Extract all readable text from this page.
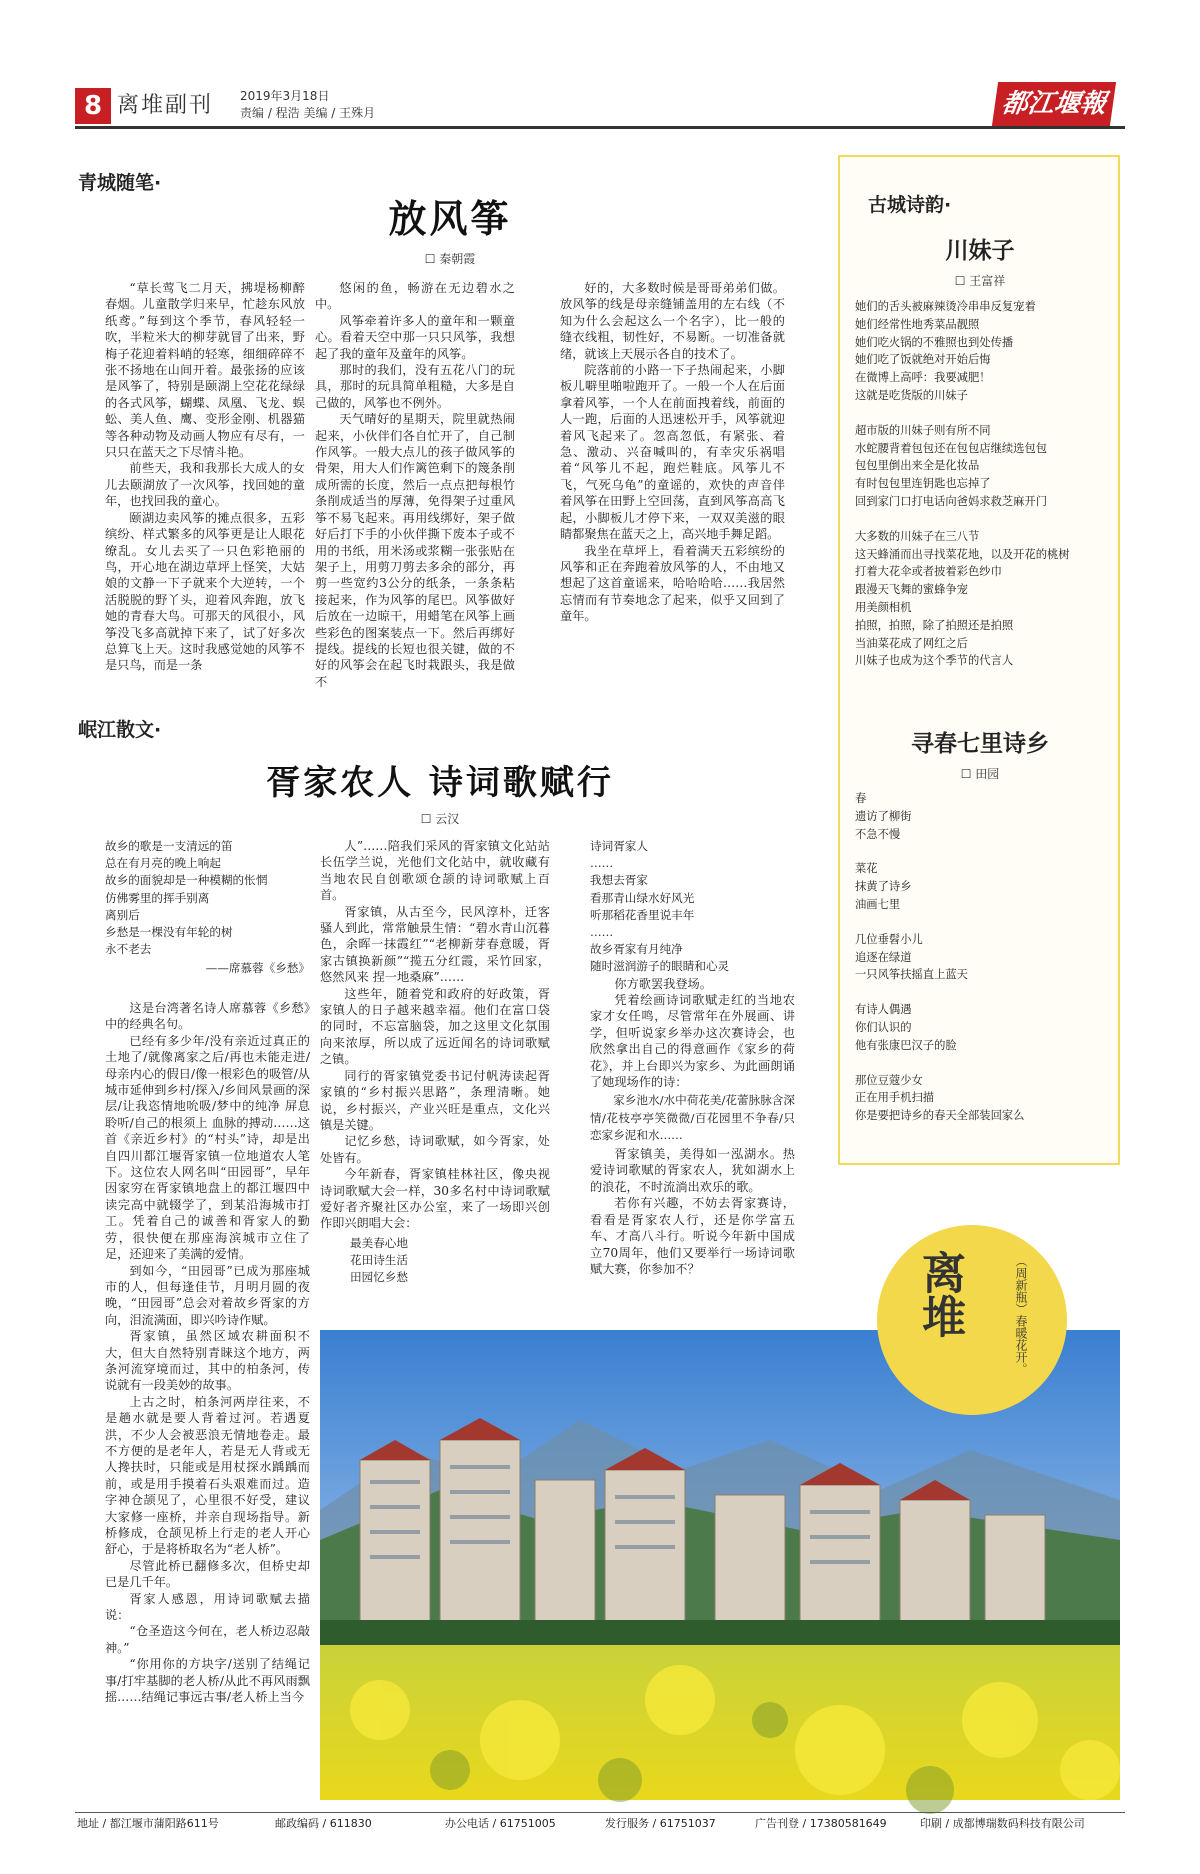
8 离堆副刊 2019年3月18日
责编 / 程浩 美编 / 王殊月	都江堰報
青城随笔·
放风筝
☐ 秦朝霞

“草长莺飞二月天，拂堤杨柳醉春烟。儿童散学归来早，忙趁东风放纸鸢。”每到这个季节，春风轻轻一吹，半粒米大的柳芽就冒了出来，野梅子花迎着料峭的轻寒，细细碎碎不张不扬地在山间开着。最张扬的应该是风筝了，特别是颐湖上空花花绿绿的各式风筝，蝴蝶、凤凰、飞龙、蜈蚣、美人鱼、鹰、变形金刚、机器猫等各种动物及动画人物应有尽有，一只只在蓝天之下尽情斗艳。

前些天，我和我那长大成人的女儿去颐湖放了一次风筝，找回她的童年，也找回我的童心。

颐湖边卖风筝的摊点很多，五彩缤纷、样式繁多的风筝更是让人眼花缭乱。女儿去买了一只色彩艳丽的鸟，开心地在湖边草坪上怪笑，大姑娘的文静一下子就来个大逆转，一个活脱脱的野丫头，迎着风奔跑，放飞她的青春大鸟。可那天的风很小，风筝没飞多高就掉下来了，试了好多次总算飞上天。这时我感觉她的风筝不是只鸟，而是一条

悠闲的鱼，畅游在无边碧水之中。

风筝牵着许多人的童年和一颗童心。看着天空中那一只只风筝，我想起了我的童年及童年的风筝。

那时的我们，没有五花八门的玩具，那时的玩具简单粗糙，大多是自己做的，风筝也不例外。

天气晴好的星期天，院里就热闹起来，小伙伴们各自忙开了，自己制作风筝。一般大点儿的孩子做风筝的骨架，用大人们作篱笆剩下的篾条削成所需的长度，然后一点点把每根竹条削成适当的厚薄，免得架子过重风筝不易飞起来。再用线绑好，架子做好后打下手的小伙伴撕下废本子或不用的书纸，用米汤或浆糊一张张贴在架子上，用剪刀剪去多余的部分，再剪一些宽约3公分的纸条，一条条粘接起来，作为风筝的尾巴。风筝做好后放在一边晾干，用蜡笔在风筝上画些彩色的图案装点一下。然后再绑好提线。提线的长短也很关键，做的不好的风筝会在起飞时栽跟头，我是做不

好的，大多数时候是哥哥弟弟们做。放风筝的线是母亲缝铺盖用的左右线（不知为什么会起这么一个名字），比一般的缝衣线粗，韧性好，不易断。一切准备就绪，就该上天展示各自的技术了。

院落前的小路一下子热闹起来，小脚板儿噼里啪啦跑开了。一般一个人在后面拿着风筝，一个人在前面拽着线，前面的人一跑，后面的人迅速松开手，风筝就迎着风飞起来了。忽高忽低，有紧张、着急、激动、兴奋喊叫的，有幸灾乐祸唱着“风筝儿不起，跑烂鞋底。风筝儿不飞，气死乌龟”的童谣的，欢快的声音伴着风筝在田野上空回荡，直到风筝高高飞起，小脚板儿才停下来，一双双美滋的眼睛都聚焦在蓝天之上，高兴地手舞足蹈。

我坐在草坪上，看着满天五彩缤纷的风筝和正在奔跑着放风筝的人，不由地又想起了这首童谣来，哈哈哈哈……我居然忘情而有节奏地念了起来，似乎又回到了童年。

岷江散文·
胥家农人 诗词歌赋行
☐ 云汉
故乡的歌是一支清远的笛
总在有月亮的晚上响起
故乡的面貌却是一种模糊的怅惘
仿佛雾里的挥手别离
离别后
乡愁是一棵没有年轮的树
永不老去
——席慕蓉《乡愁》

这是台湾著名诗人席慕蓉《乡愁》中的经典名句。

已经有多少年/没有亲近过真正的土地了/就像离家之后/再也未能走进/母亲内心的假日/像一根彩色的吸管/从城市延伸到乡村/探入/乡间风景画的深层/让我恣情地吮吸/梦中的纯净 屏息聆听/自己的根须上 血脉的搏动……这首《亲近乡村》的“村头”诗，却是出自四川都江堰胥家镇一位地道农人笔下。这位农人网名叫“田园哥”，早年因家穷在胥家镇地盘上的都江堰四中读完高中就辍学了，到某沿海城市打工。凭着自己的诚善和胥家人的勤劳，很快便在那座海滨城市立住了足，还迎来了美满的爱情。

到如今，“田园哥”已成为那座城市的人，但每逢佳节，月明月圆的夜晚，“田园哥”总会对着故乡胥家的方向，泪流满面，即兴吟诗作赋。

胥家镇，虽然区域农耕面积不大，但大自然特别青睐这个地方，两条河流穿境而过，其中的柏条河，传说就有一段美妙的故事。

上古之时，柏条河两岸往来，不是趟水就是要人背着过河。若遇夏洪，不少人会被恶浪无情地卷走。最不方便的是老年人，若是无人背或无人搀扶时，只能或是用杖探水踽踽而前，或是用手摸着石头艰难而过。造字神仓颉见了，心里很不好受，建议大家修一座桥，并亲自现场指导。新桥修成，仓颉见桥上行走的老人开心舒心，于是将桥取名为“老人桥”。

尽管此桥已翻修多次，但桥史却已是几千年。

胥家人感恩，用诗词歌赋去描说：

“仓圣造这今何在，老人桥边忍敲神。”

“你用你的方块字/送别了结绳记事/打牢基脚的老人桥/从此不再风雨飘摇……结绳记事远古事/老人桥上当今

人”……陪我们采风的胥家镇文化站站长伍学兰说，光他们文化站中，就收藏有当地农民自创歌颂仓颉的诗词歌赋上百首。

胥家镇，从古至今，民风淳朴，迁客骚人到此，常常触景生情：“碧水青山沉暮色，余晖一抹霞红”“老柳新芽春意暖，胥家古镇换新颜”“揽五分红霞，采竹回家，悠然风来 捏一地桑麻”……

这些年，随着党和政府的好政策，胥家镇人的日子越来越幸福。他们在富口袋的同时，不忘富脑袋，加之这里文化氛围向来浓厚，所以成了远近闻名的诗词歌赋之镇。

同行的胥家镇党委书记付帆涛读起胥家镇的“乡村振兴思路”，条理清晰。她说，乡村振兴，产业兴旺是重点，文化兴镇是关键。

记忆乡愁，诗词歌赋，如今胥家，处处皆有。

今年新春，胥家镇桂林社区，像央视诗词歌赋大会一样，30多名村中诗词歌赋爱好者齐聚社区办公室，来了一场即兴创作即兴朗唱大会：

最美春心地
花田诗生活
田园忆乡愁
诗词胥家人
……
我想去胥家
看那青山绿水好风光
听那稻花香里说丰年
……
故乡胥家有月纯净
随时滋润游子的眼睛和心灵

你方歌罢我登场。

凭着绘画诗词歌赋走红的当地农家才女任鸣，尽管常年在外展画、讲学，但听说家乡举办这次赛诗会，也欣然拿出自己的得意画作《家乡的荷花》，并上台即兴为家乡、为此画朗诵了她现场作的诗：

家乡池水/水中荷花美/花蕾脉脉含深情/花枝亭亭笑微微/百花园里不争春/只恋家乡泥和水……

胥家镇美，美得如一泓湖水。热爱诗词歌赋的胥家农人，犹如湖水上的浪花，不时流淌出欢乐的歌。

若你有兴趣，不妨去胥家赛诗，看看是胥家农人行，还是你学富五车、才高八斗行。听说今年新中国成立70周年，他们又要举行一场诗词歌赋大赛，你参加不？

古城诗韵·
川妹子
☐ 王富祥
她们的舌头被麻辣烫冷串串反复宠着
她们经常性地秀菜品靓照
她们吃火锅的不雅照也到处传播
她们吃了饭就绝对开始后悔
在微博上高呼：我要减肥！
这就是吃货版的川妹子
超市版的川妹子则有所不同
水蛇腰背着包包还在包包店继续选包包
包包里倒出来全是化妆品
有时包包里连钥匙也忘掉了
回到家门口打电话向爸妈求救芝麻开门
大多数的川妹子在三八节
这天蜂涌而出寻找菜花地，以及开花的桃树
打着大花伞或者披着彩色纱巾
跟漫天飞舞的蜜蜂争宠
用美颜相机
拍照，拍照，除了拍照还是拍照
当油菜花成了网红之后
川妹子也成为这个季节的代言人
寻春七里诗乡
☐ 田园
春
遗访了柳街
不急不慢
菜花
抹黄了诗乡
油画七里
几位垂髫小儿
追逐在绿道
一只风筝扶摇直上蓝天
有诗人偶遇
你们认识的
他有张康巴汉子的脸
那位豆蔻少女
正在用手机扫描
你是要把诗乡的春天全部装回家么
离堆	（周新瓶）春暖花开。
地址 / 都江堰市蒲阳路611号	邮政编码 / 611830	办公电话 / 61751005	发行服务 / 61751037	广告刊登 / 17380581649	印刷 / 成都博瑞数码科技有限公司
